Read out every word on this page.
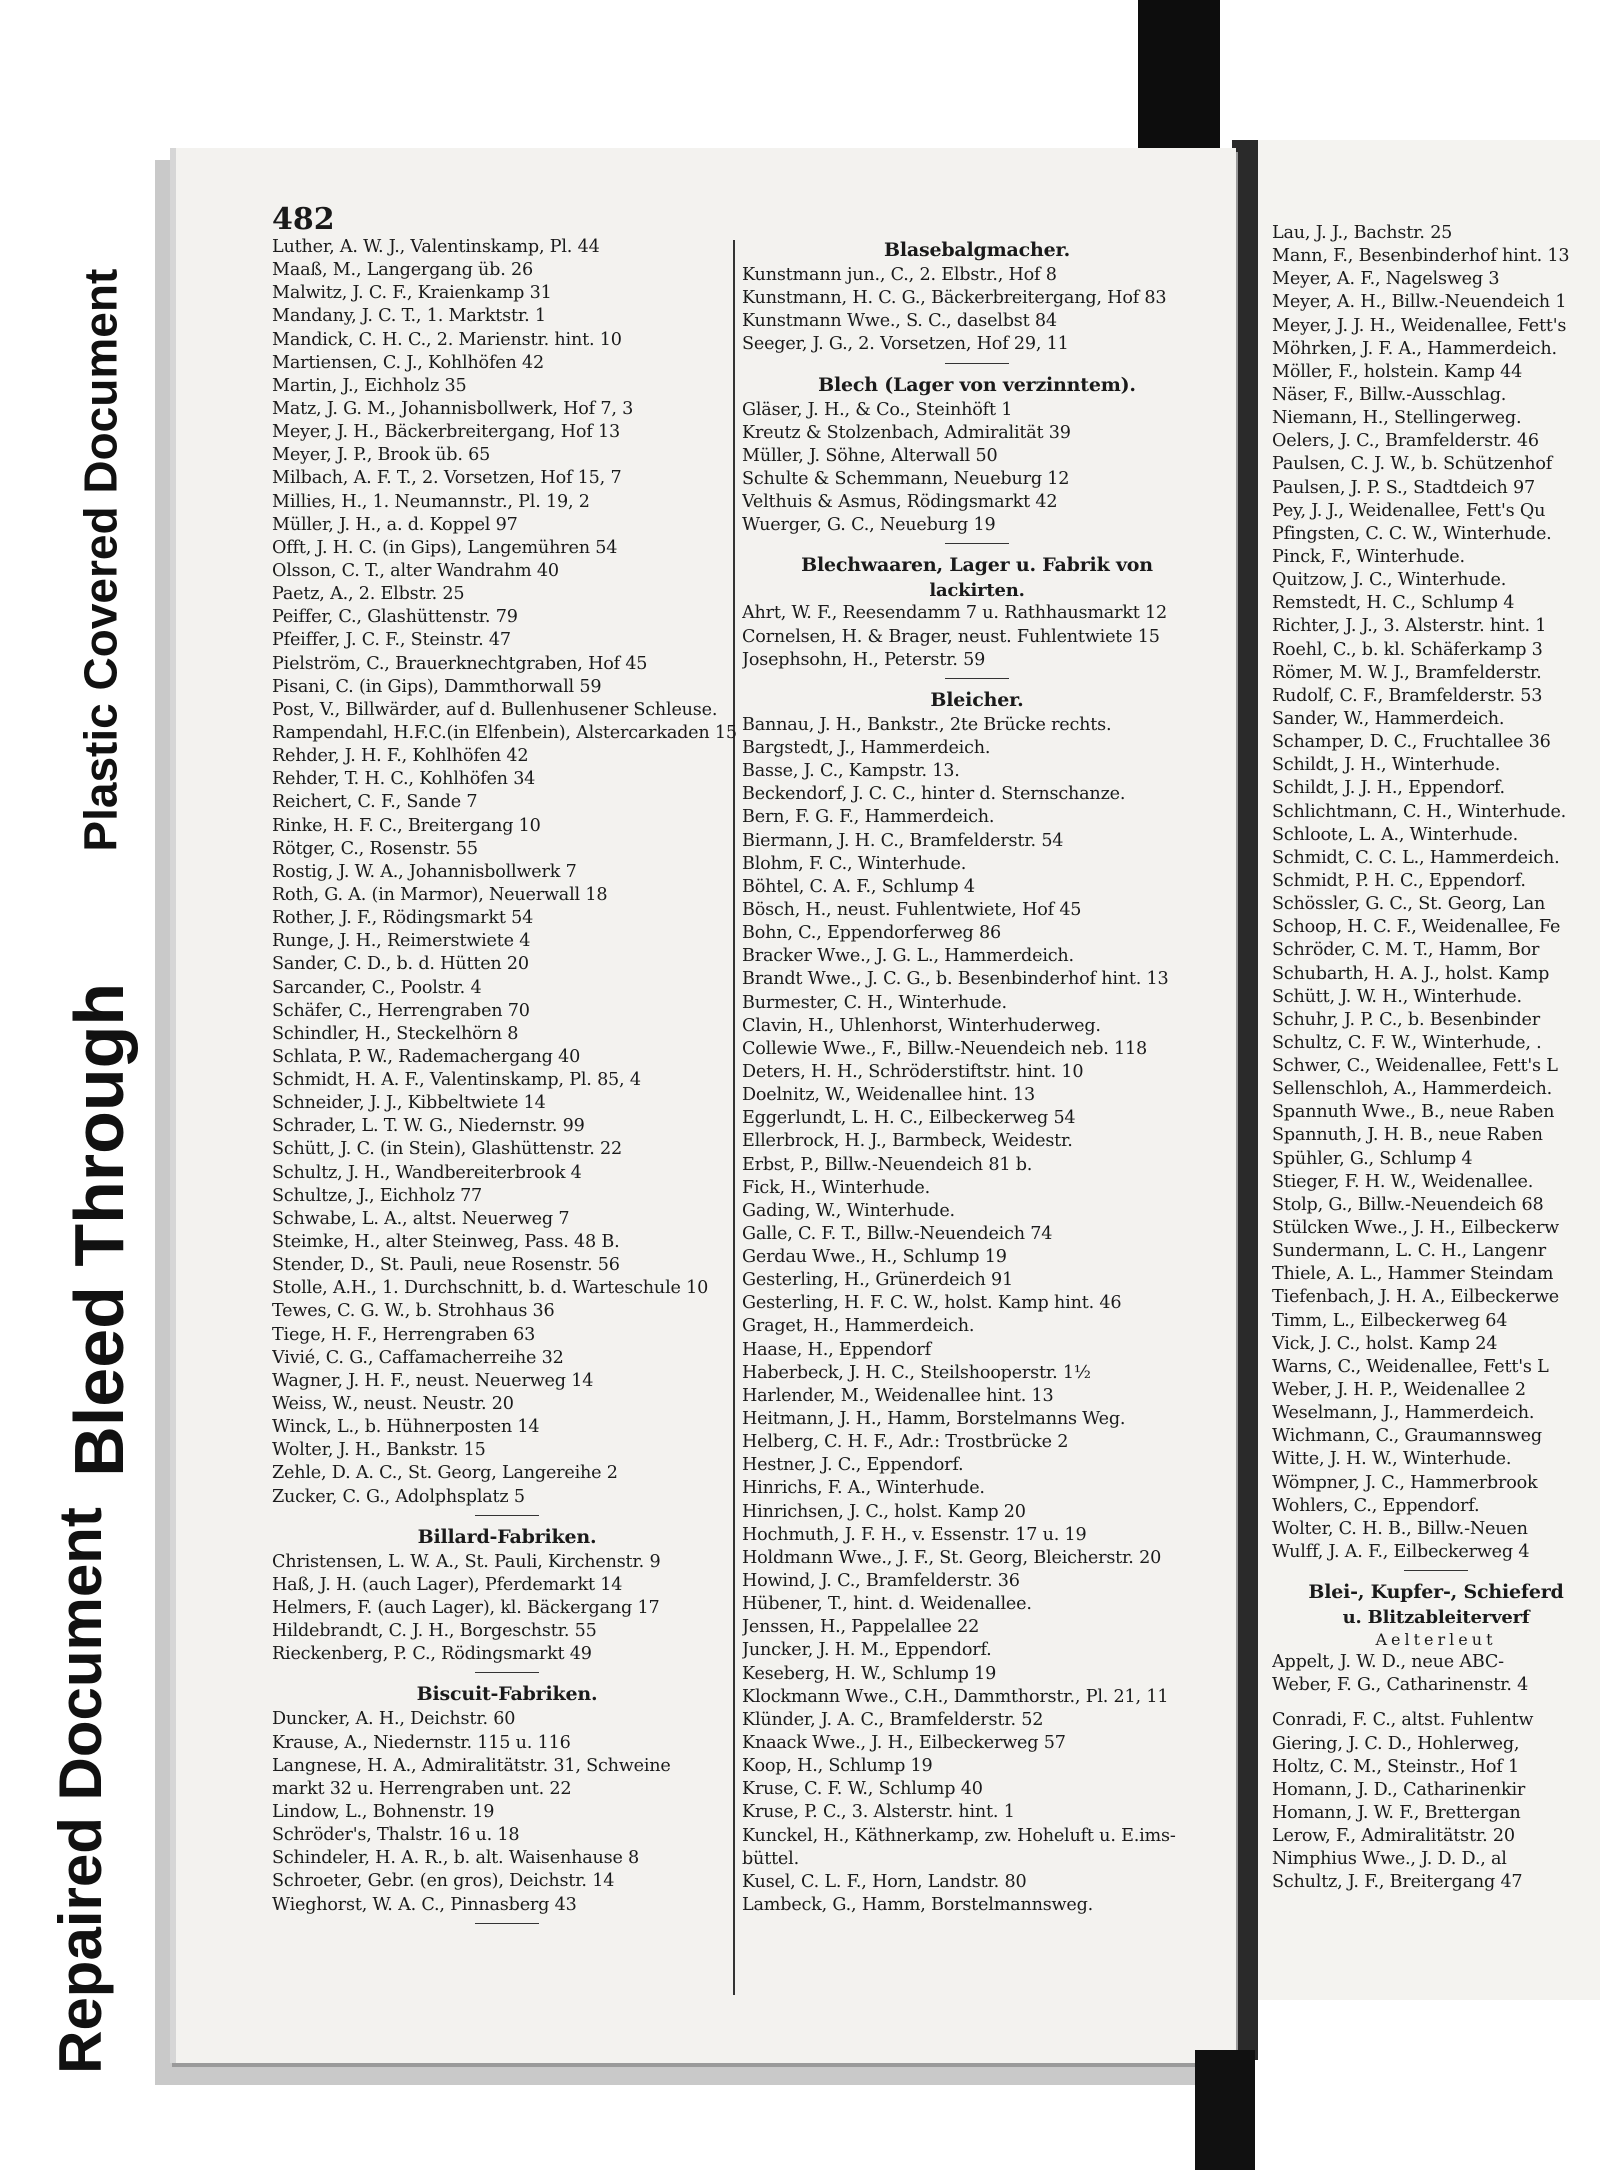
Plastic Covered Document
Bleed Through
Repaired Document
482
Luther, A. W. J., Valentinskamp, Pl. 44
Maaß, M., Langergang üb. 26
Malwitz, J. C. F., Kraienkamp 31
Mandany, J. C. T., 1. Marktstr. 1
Mandick, C. H. C., 2. Marienstr. hint. 10
Martiensen, C. J., Kohlhöfen 42
Martin, J., Eichholz 35
Matz, J. G. M., Johannisbollwerk, Hof 7, 3
Meyer, J. H., Bäckerbreitergang, Hof 13
Meyer, J. P., Brook üb. 65
Milbach, A. F. T., 2. Vorsetzen, Hof 15, 7
Millies, H., 1. Neumannstr., Pl. 19, 2
Müller, J. H., a. d. Koppel 97
Offt, J. H. C. (in Gips), Langemühren 54
Olsson, C. T., alter Wandrahm 40
Paetz, A., 2. Elbstr. 25
Peiffer, C., Glashüttenstr. 79
Pfeiffer, J. C. F., Steinstr. 47
Pielström, C., Brauerknechtgraben, Hof 45
Pisani, C. (in Gips), Dammthorwall 59
Post, V., Billwärder, auf d. Bullenhusener Schleuse.
Rampendahl, H.F.C.(in Elfenbein), Alstercarkaden 15
Rehder, J. H. F., Kohlhöfen 42
Rehder, T. H. C., Kohlhöfen 34
Reichert, C. F., Sande 7
Rinke, H. F. C., Breitergang 10
Rötger, C., Rosenstr. 55
Rostig, J. W. A., Johannisbollwerk 7
Roth, G. A. (in Marmor), Neuerwall 18
Rother, J. F., Rödingsmarkt 54
Runge, J. H., Reimerstwiete 4
Sander, C. D., b. d. Hütten 20
Sarcander, C., Poolstr. 4
Schäfer, C., Herrengraben 70
Schindler, H., Steckelhörn 8
Schlata, P. W., Rademachergang 40
Schmidt, H. A. F., Valentinskamp, Pl. 85, 4
Schneider, J. J., Kibbeltwiete 14
Schrader, L. T. W. G., Niedernstr. 99
Schütt, J. C. (in Stein), Glashüttenstr. 22
Schultz, J. H., Wandbereiterbrook 4
Schultze, J., Eichholz 77
Schwabe, L. A., altst. Neuerweg 7
Steimke, H., alter Steinweg, Pass. 48 B.
Stender, D., St. Pauli, neue Rosenstr. 56
Stolle, A.H., 1. Durchschnitt, b. d. Warteschule 10
Tewes, C. G. W., b. Strohhaus 36
Tiege, H. F., Herrengraben 63
Vivié, C. G., Caffamacherreihe 32
Wagner, J. H. F., neust. Neuerweg 14
Weiss, W., neust. Neustr. 20
Winck, L., b. Hühnerposten 14
Wolter, J. H., Bankstr. 15
Zehle, D. A. C., St. Georg, Langereihe 2
Zucker, C. G., Adolphsplatz 5
Billard-Fabriken.
Christensen, L. W. A., St. Pauli, Kirchenstr. 9
Haß, J. H. (auch Lager), Pferdemarkt 14
Helmers, F. (auch Lager), kl. Bäckergang 17
Hildebrandt, C. J. H., Borgeschstr. 55
Rieckenberg, P. C., Rödingsmarkt 49
Biscuit-Fabriken.
Duncker, A. H., Deichstr. 60
Krause, A., Niedernstr. 115 u. 116
Langnese, H. A., Admiralitätstr. 31, Schweine
markt 32 u. Herrengraben unt. 22
Lindow, L., Bohnenstr. 19
Schröder's, Thalstr. 16 u. 18
Schindeler, H. A. R., b. alt. Waisenhause 8
Schroeter, Gebr. (en gros), Deichstr. 14
Wieghorst, W. A. C., Pinnasberg 43
Blasebalgmacher.
Kunstmann jun., C., 2. Elbstr., Hof 8
Kunstmann, H. C. G., Bäckerbreitergang, Hof 83
Kunstmann Wwe., S. C., daselbst 84
Seeger, J. G., 2. Vorsetzen, Hof 29, 11
Blech (Lager von verzinntem).
Gläser, J. H., & Co., Steinhöft 1
Kreutz & Stolzenbach, Admiralität 39
Müller, J. Söhne, Alterwall 50
Schulte & Schemmann, Neueburg 12
Velthuis & Asmus, Rödingsmarkt 42
Wuerger, G. C., Neueburg 19
Blechwaaren, Lager u. Fabrik von
lackirten.
Ahrt, W. F., Reesendamm 7 u. Rathhausmarkt 12
Cornelsen, H. & Brager, neust. Fuhlentwiete 15
Josephsohn, H., Peterstr. 59
Bleicher.
Bannau, J. H., Bankstr., 2te Brücke rechts.
Bargstedt, J., Hammerdeich.
Basse, J. C., Kampstr. 13.
Beckendorf, J. C. C., hinter d. Sternschanze.
Bern, F. G. F., Hammerdeich.
Biermann, J. H. C., Bramfelderstr. 54
Blohm, F. C., Winterhude.
Böhtel, C. A. F., Schlump 4
Bösch, H., neust. Fuhlentwiete, Hof 45
Bohn, C., Eppendorferweg 86
Bracker Wwe., J. G. L., Hammerdeich.
Brandt Wwe., J. C. G., b. Besenbinderhof hint. 13
Burmester, C. H., Winterhude.
Clavin, H., Uhlenhorst, Winterhuderweg.
Collewie Wwe., F., Billw.-Neuendeich neb. 118
Deters, H. H., Schröderstiftstr. hint. 10
Doelnitz, W., Weidenallee hint. 13
Eggerlundt, L. H. C., Eilbeckerweg 54
Ellerbrock, H. J., Barmbeck, Weidestr.
Erbst, P., Billw.-Neuendeich 81 b.
Fick, H., Winterhude.
Gading, W., Winterhude.
Galle, C. F. T., Billw.-Neuendeich 74
Gerdau Wwe., H., Schlump 19
Gesterling, H., Grünerdeich 91
Gesterling, H. F. C. W., holst. Kamp hint. 46
Graget, H., Hammerdeich.
Haase, H., Eppendorf
Haberbeck, J. H. C., Steilshooperstr. 1½
Harlender, M., Weidenallee hint. 13
Heitmann, J. H., Hamm, Borstelmanns Weg.
Helberg, C. H. F., Adr.: Trostbrücke 2
Hestner, J. C., Eppendorf.
Hinrichs, F. A., Winterhude.
Hinrichsen, J. C., holst. Kamp 20
Hochmuth, J. F. H., v. Essenstr. 17 u. 19
Holdmann Wwe., J. F., St. Georg, Bleicherstr. 20
Howind, J. C., Bramfelderstr. 36
Hübener, T., hint. d. Weidenallee.
Jenssen, H., Pappelallee 22
Juncker, J. H. M., Eppendorf.
Keseberg, H. W., Schlump 19
Klockmann Wwe., C.H., Dammthorstr., Pl. 21, 11
Klünder, J. A. C., Bramfelderstr. 52
Knaack Wwe., J. H., Eilbeckerweg 57
Koop, H., Schlump 19
Kruse, C. F. W., Schlump 40
Kruse, P. C., 3. Alsterstr. hint. 1
Kunckel, H., Käthnerkamp, zw. Hoheluft u. E.ims-
büttel.
Kusel, C. L. F., Horn, Landstr. 80
Lambeck, G., Hamm, Borstelmannsweg.
Lau, J. J., Bachstr. 25
Mann, F., Besenbinderhof hint. 13
Meyer, A. F., Nagelsweg 3
Meyer, A. H., Billw.-Neuendeich 1
Meyer, J. J. H., Weidenallee, Fett's
Möhrken, J. F. A., Hammerdeich.
Möller, F., holstein. Kamp 44
Näser, F., Billw.-Ausschlag.
Niemann, H., Stellingerweg.
Oelers, J. C., Bramfelderstr. 46
Paulsen, C. J. W., b. Schützenhof
Paulsen, J. P. S., Stadtdeich 97
Pey, J. J., Weidenallee, Fett's Qu
Pfingsten, C. C. W., Winterhude.
Pinck, F., Winterhude.
Quitzow, J. C., Winterhude.
Remstedt, H. C., Schlump 4
Richter, J. J., 3. Alsterstr. hint. 1
Roehl, C., b. kl. Schäferkamp 3
Römer, M. W. J., Bramfelderstr.
Rudolf, C. F., Bramfelderstr. 53
Sander, W., Hammerdeich.
Schamper, D. C., Fruchtallee 36
Schildt, J. H., Winterhude.
Schildt, J. J. H., Eppendorf.
Schlichtmann, C. H., Winterhude.
Schloote, L. A., Winterhude.
Schmidt, C. C. L., Hammerdeich.
Schmidt, P. H. C., Eppendorf.
Schössler, G. C., St. Georg, Lan
Schoop, H. C. F., Weidenallee, Fe
Schröder, C. M. T., Hamm, Bor
Schubarth, H. A. J., holst. Kamp
Schütt, J. W. H., Winterhude.
Schuhr, J. P. C., b. Besenbinder
Schultz, C. F. W., Winterhude, .
Schwer, C., Weidenallee, Fett's L
Sellenschloh, A., Hammerdeich.
Spannuth Wwe., B., neue Raben
Spannuth, J. H. B., neue Raben
Spühler, G., Schlump 4
Stieger, F. H. W., Weidenallee.
Stolp, G., Billw.-Neuendeich 68
Stülcken Wwe., J. H., Eilbeckerw
Sundermann, L. C. H., Langenr
Thiele, A. L., Hammer Steindam
Tiefenbach, J. H. A., Eilbeckerwe
Timm, L., Eilbeckerweg 64
Vick, J. C., holst. Kamp 24
Warns, C., Weidenallee, Fett's L
Weber, J. H. P., Weidenallee 2
Weselmann, J., Hammerdeich.
Wichmann, C., Graumannsweg
Witte, J. H. W., Winterhude.
Wömpner, J. C., Hammerbrook
Wohlers, C., Eppendorf.
Wolter, C. H. B., Billw.-Neuen
Wulff, J. A. F., Eilbeckerweg 4
Blei-, Kupfer-, Schieferd
u. Blitzableiterverf
Aelterleut
Appelt, J. W. D., neue ABC-
Weber, F. G., Catharinenstr. 4
Conradi, F. C., altst. Fuhlentw
Giering, J. C. D., Hohlerweg,
Holtz, C. M., Steinstr., Hof 1
Homann, J. D., Catharinenkir
Homann, J. W. F., Brettergan
Lerow, F., Admiralitätstr. 20
Nimphius Wwe., J. D. D., al
Schultz, J. F., Breitergang 47
